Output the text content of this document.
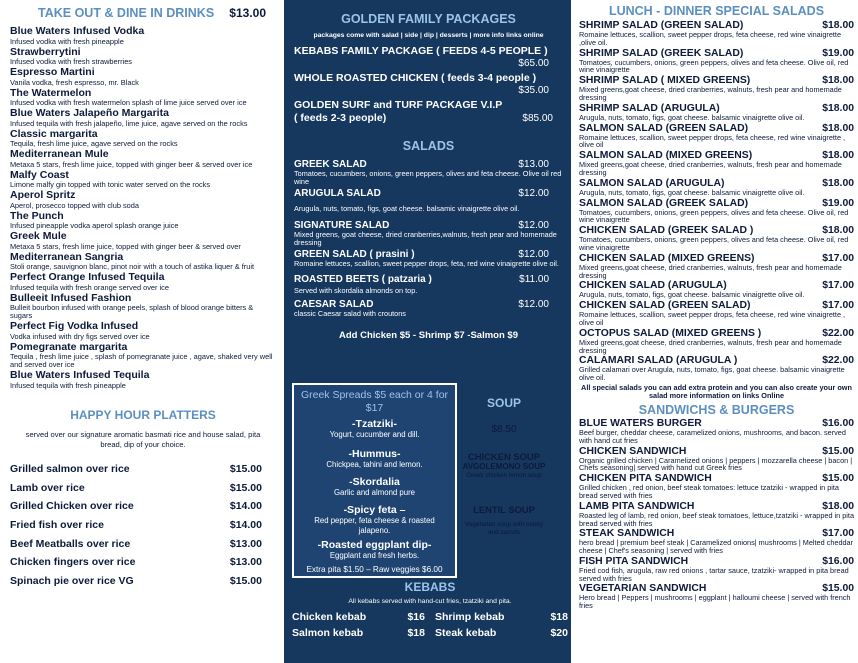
TAKE OUT & DINE IN DRINKS $13.00
Blue Waters Infused Vodka
Infused vodka with fresh pineapple
Strawberrytini
Infused vodka with fresh strawberries
Espresso Martini
Vanila vodka, fresh espresso, mr. Black
The Watermelon
Infused vodka with fresh watermelon splash of lime juice served over ice
Blue Waters Jalapeño Margarita
Infused tequila with fresh jalapeño, lime juice, agave served on the rocks
Classic margarita
Tequila, fresh lime juice, agave served on the rocks
Mediterranean Mule
Metaxa 5 stars, fresh lime juice, topped with ginger beer & served over ice
Malfy Coast
Limone malfy gin topped with tonic water served on the rocks
Aperol Spritz
Aperol, prosecco topped with club soda
The Punch
Infused pineapple vodka aperol splash orange juice
Greek Mule
Metaxa 5 stars, fresh lime juice, topped with ginger beer & served over
Mediterranean Sangria
Stoli orange, sauvignon blanc, pinot noir with a touch of astika liquer & fruit
Perfect Orange Infused Tequila
Infused tequila with fresh orange served over ice
Bulleeit Infused Fashion
Bulleit bourbon infused with orange peels, splash of blood orange bitters & sugars
Perfect Fig Vodka Infused
Vodka infused with dry figs served over ice
Pomegranate margarita
Tequila , fresh lime juice , splash of pomegranate juice , agave, shaked very well and served over ice
Blue Waters Infused Tequila
Infused tequila with fresh pineapple
HAPPY HOUR PLATTERS
served over our signature aromatic basmati rice and house salad, pita bread, dip of your choice.
Grilled salmon over rice	$15.00
Lamb over rice	$15.00
Grilled Chicken over rice	$14.00
Fried fish over rice	$14.00
Beef Meatballs over rice	$13.00
Chicken fingers over rice	$13.00
Spinach pie over rice VG	$15.00
GOLDEN FAMILY PACKAGES
packages come with salad | side | dip | desserts | more info links online
KEBABS FAMILY PACKAGE ( FEEDS 4-5 PEOPLE )
$65.00
WHOLE ROASTED CHICKEN ( feeds 3-4 people )
$35.00
GOLDEN SURF and TURF PACKAGE V.I.P
( feeds 2-3 people)	$85.00
SALADS
GREEK SALAD	$13.00
Tomatoes, cucumbers, onions, green peppers, olives and feta cheese. Olive oil red wine
ARUGULA SALAD	$12.00
Arugula, nuts, tomato, figs, goat cheese. balsamic vinaigrette olive oil.
SIGNATURE SALAD	$12.00
Mixed greens, goat cheese, dried cranberries,walnuts, fresh pear and homemade dressing
GREEN SALAD ( prasini )	$12.00
Romaine lettuces, scallion, sweet pepper drops, feta, red wine vinaigrette olive oil.
ROASTED BEETS ( patzaria )	$11.00
Served with skordalia almonds on top.
CAESAR SALAD	$12.00
classic Caesar salad with croutons
Add Chicken $5 - Shrimp $7 -Salmon $9
Greek Spreads $5 each or 4 for $17
-Tzatziki-
Yogurt, cucumber and dill.
-Hummus-
Chickpea, tahini and lemon.
-Skordalia
Garlic and almond pure
-Spicy feta –
Red pepper, feta cheese & roasted jalapeno.
-Roasted eggplant dip-
Eggplant and fresh herbs.
Extra pita $1.50 – Raw veggies $6.00
SOUP
$8.50
CHICKEN SOUP
AVGOLEMONO SOUP
Greek chicken lemon soup
LENTIL SOUP
Vegetarian soup with celery and carrots
KEBABS
All kebabs served with hand-cut fries, tzatziki and pita.
Chicken kebab	$16 Shrimp kebab	$18
Salmon kebab	$18 Steak kebab	$20
LUNCH - DINNER SPECIAL SALADS
SHRIMP SALAD (GREEN SALAD)	$18.00
Romaine lettuces, scallion, sweet pepper drops, feta cheese, red wine vinaigrette ,olive oil.
SHRIMP SALAD (GREEK SALAD)	$19.00
Tomatoes, cucumbers, onions, green peppers, olives and feta cheese. Olive oil, red wine vinaigrette
SHRIMP SALAD ( MIXED GREENS)	$18.00
Mixed greens,goat cheese, dried cranberries, walnuts, fresh pear and homemade dressing
SHRIMP SALAD (ARUGULA)	$18.00
Arugula, nuts, tomato, figs, goat cheese. balsamic vinaigrette olive oil.
SALMON SALAD (GREEN SALAD)	$18.00
Romaine lettuces, scallion, sweet pepper drops, feta cheese, red wine vinaigrette , olive oil
SALMON SALAD (MIXED GREENS)	$18.00
Mixed greens,goat cheese, dried cranberries, walnuts, fresh pear and homemade dressing
SALMON SALAD (ARUGULA)	$18.00
Arugula, nuts, tomato, figs, goat cheese. balsamic vinaigrette olive oil.
SALMON SALAD (GREEK SALAD)	$19.00
Tomatoes, cucumbers, onions, green peppers, olives and feta cheese. Olive oil, red wine vinaigrette
CHICKEN SALAD (GREEK SALAD )	$18.00
Tomatoes, cucumbers, onions, green peppers, olives and feta cheese. Olive oil, red wine vinaigrette
CHICKEN SALAD (MIXED GREENS)	$17.00
Mixed greens,goat cheese, dried cranberries, walnuts, fresh pear and homemade dressing
CHICKEN SALAD (ARUGULA)	$17.00
Arugula, nuts, tomato, figs, goat cheese. balsamic vinaigrette olive oil.
CHICKEN SALAD (GREEN SALAD)	$17.00
Romaine lettuces, scallion, sweet pepper drops, feta cheese, red wine vinaigrette , olive oil
OCTOPUS SALAD (MIXED GREENS )	$22.00
Mixed greens,goat cheese, dried cranberries, walnuts, fresh pear and homemade dressing
CALAMARI SALAD (ARUGULA )	$22.00
Grilled calamari over Arugula, nuts, tomato, figs, goat cheese. balsamic vinaigrette olive oil.
All special salads you can add extra protein and you can also create your own salad more information on links Online
SANDWICHS & BURGERS
BLUE WATERS BURGER	$16.00
Beef burger, cheddar cheese, caramelized onions, mushrooms, and bacon. served with hand cut fries
CHICKEN SANDWICH	$15.00
Organic grilled chicken | Caramelized onions | peppers | mozzarella cheese | bacon | Chefs seasoning| served with hand cut Greek fries
CHICKEN PITA SANDWICH	$15.00
Grilled chicken , red onion, beef steak tomatoes: lettuce tzatziki - wrapped in pita bread served with fries
LAMB PITA SANDWICH	$18.00
Roasted leg of lamb, red onion, beef steak tomatoes, lettuce,tzatziki - wrapped in pita bread served with fries
STEAK SANDWICH	$17.00
hero bread | premium beef steak | Caramelized onions| mushrooms | Melted cheddar cheese | Chef's seasoning | served with fries
FISH PITA SANDWICH	$16.00
Fried cod fish, arugula, raw red onions , tartar sauce, tzatziki- wrapped in pita bread served with fries
VEGETARIAN SANDWICH	$15.00
Hero bread | Peppers | mushrooms | eggplant | halloumi cheese | served with french fries
